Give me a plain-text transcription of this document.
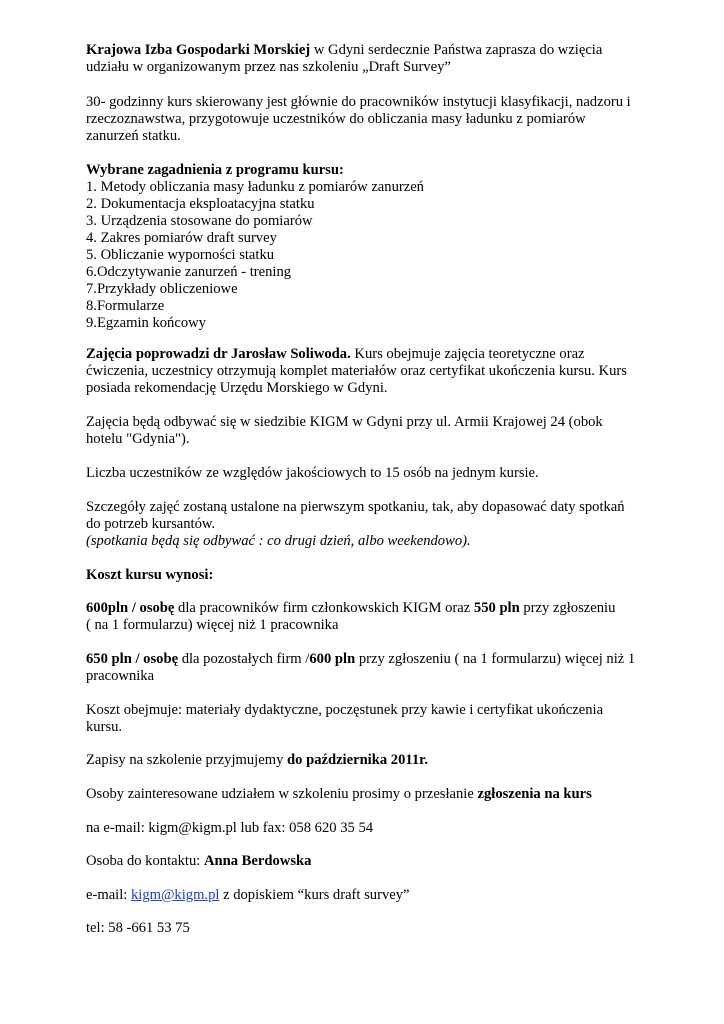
Krajowa Izba Gospodarki Morskiej w Gdyni serdecznie Państwa zaprasza do wzięcia
udziału w organizowanym przez nas szkoleniu „Draft Survey”

30- godzinny kurs skierowany jest głównie do pracowników instytucji klasyfikacji, nadzoru i
rzeczoznawstwa, przygotowuje uczestników do obliczania masy ładunku z pomiarów
zanurzeń statku.

Wybrane zagadnienia z programu kursu:
1. Metody obliczania masy ładunku z pomiarów zanurzeń
2. Dokumentacja eksploatacyjna statku
3. Urządzenia stosowane do pomiarów
4. Zakres pomiarów draft survey
5. Obliczanie wyporności statku
6.Odczytywanie zanurzeń - trening
7.Przykłady obliczeniowe
8.Formularze
9.Egzamin końcowy

Zajęcia poprowadzi dr Jarosław Soliwoda. Kurs obejmuje zajęcia teoretyczne oraz
ćwiczenia, uczestnicy otrzymują komplet materiałów oraz certyfikat ukończenia kursu. Kurs
posiada rekomendację Urzędu Morskiego w Gdyni.

Zajęcia będą odbywać się w siedzibie KIGM w Gdyni przy ul. Armii Krajowej 24 (obok
hotelu "Gdynia").

Liczba uczestników ze względów jakościowych to 15 osób na jednym kursie.

Szczegóły zajęć zostaną ustalone na pierwszym spotkaniu, tak, aby dopasować daty spotkań
do potrzeb kursantów.
(spotkania będą się odbywać : co drugi dzień, albo weekendowo).

Koszt kursu wynosi:

600pln / osobę dla pracowników firm członkowskich KIGM oraz 550 pln przy zgłoszeniu
( na 1 formularzu) więcej niż 1 pracownika

650 pln / osobę dla pozostałych firm /600 pln przy zgłoszeniu ( na 1 formularzu) więcej niż 1
pracownika

Koszt obejmuje: materiały dydaktyczne, poczęstunek przy kawie i certyfikat ukończenia
kursu.

Zapisy na szkolenie przyjmujemy do października 2011r.

Osoby zainteresowane udziałem w szkoleniu prosimy o przesłanie zgłoszenia na kurs

na e-mail: kigm@kigm.pl lub fax: 058 620 35 54

Osoba do kontaktu: Anna Berdowska

e-mail: kigm@kigm.pl z dopiskiem “kurs draft survey”

tel: 58 -661 53 75
